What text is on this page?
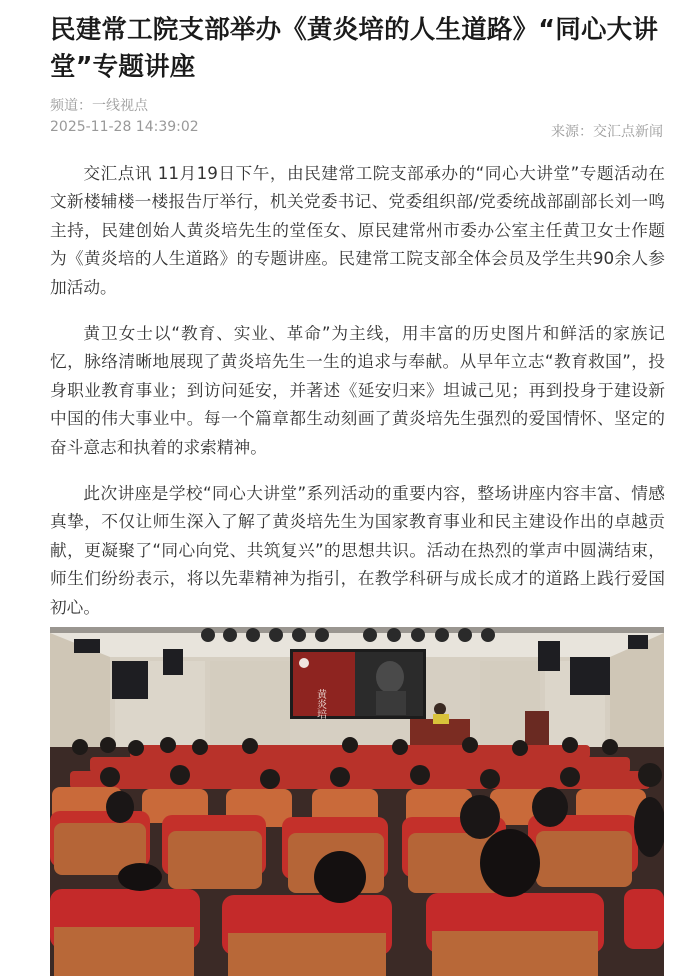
民建常工院支部举办《黄炎培的人生道路》“同心大讲堂”专题讲座
频道：一线视点
2025-11-28 14:39:02	来源：交汇点新闻

交汇点讯 11月19日下午，由民建常工院支部承办的“同心大讲堂”专题活动在文新楼辅楼一楼报告厅举行，机关党委书记、党委组织部/党委统战部副部长刘一鸣主持，民建创始人黄炎培先生的堂侄女、原民建常州市委办公室主任黄卫女士作题为《黄炎培的人生道路》的专题讲座。民建常工院支部全体会员及学生共90余人参加活动。

黄卫女士以“教育、实业、革命”为主线，用丰富的历史图片和鲜活的家族记忆，脉络清晰地展现了黄炎培先生一生的追求与奉献。从早年立志“教育救国”，投身职业教育事业；到访问延安，并著述《延安归来》坦诚己见；再到投身于建设新中国的伟大事业中。每一个篇章都生动刻画了黄炎培先生强烈的爱国情怀、坚定的奋斗意志和执着的求索精神。

此次讲座是学校“同心大讲堂”系列活动的重要内容，整场讲座内容丰富、情感真挚，不仅让师生深入了解了黄炎培先生为国家教育事业和民主建设作出的卓越贡献，更凝聚了“同心向党、共筑复兴”的思想共识。活动在热烈的掌声中圆满结束，师生们纷纷表示，将以先辈精神为指引，在教学科研与成长成才的道路上践行爱国初心。

黄炎培
